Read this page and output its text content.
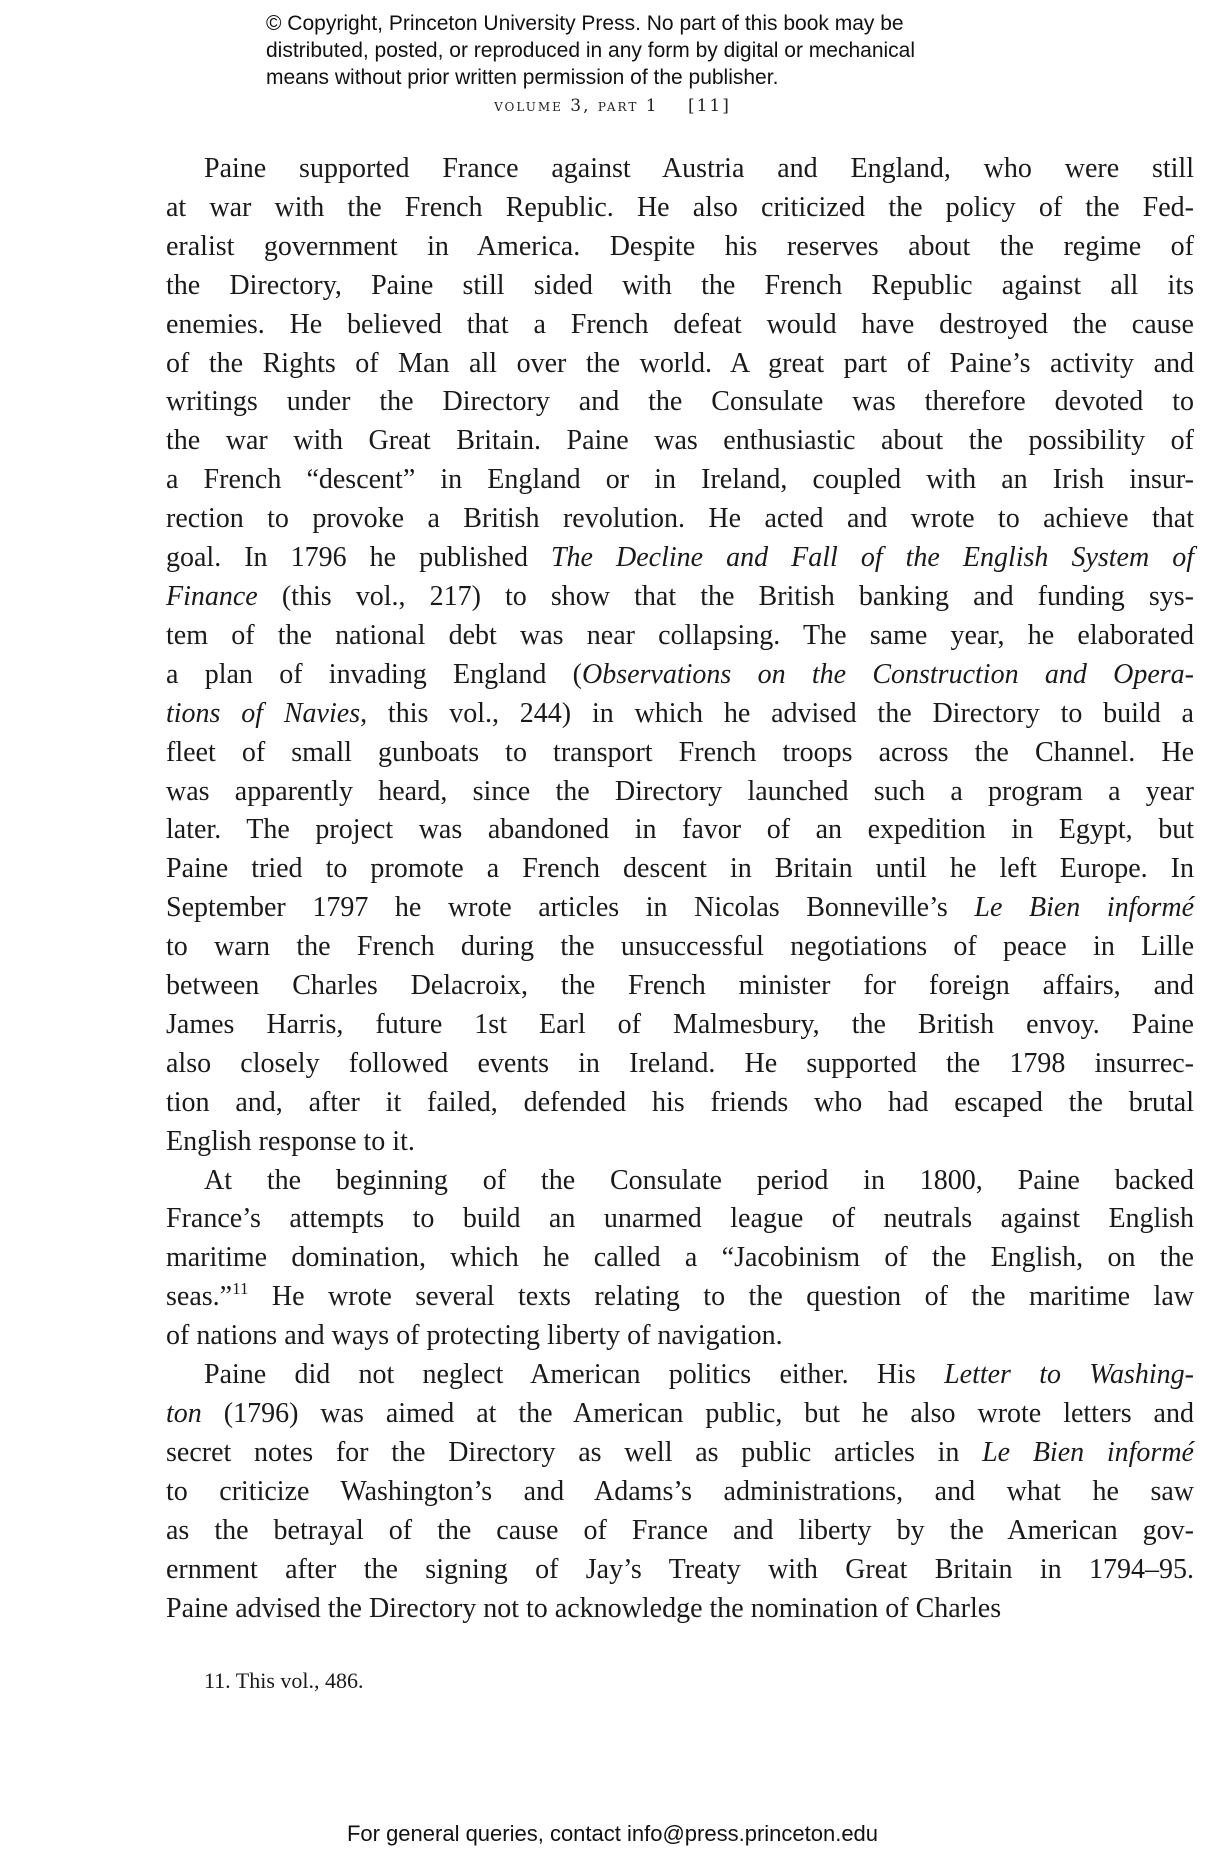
© Copyright, Princeton University Press. No part of this book may be
distributed, posted, or reproduced in any form by digital or mechanical
means without prior written permission of the publisher.
volume 3, part 1 [11]
Paine supported France against Austria and England, who were still
at war with the French Republic. He also criticized the policy of the Fed-
eralist government in America. Despite his reserves about the regime of
the Directory, Paine still sided with the French Republic against all its
enemies. He believed that a French defeat would have destroyed the cause
of the Rights of Man all over the world. A great part of Paine’s activity and
writings under the Directory and the Consulate was therefore devoted to
the war with Great Britain. Paine was enthusiastic about the possibility of
a French “descent” in England or in Ireland, coupled with an Irish insur-
rection to provoke a British revolution. He acted and wrote to achieve that
goal. In 1796 he published The Decline and Fall of the English System of
Finance (this vol., 217) to show that the British banking and funding sys-
tem of the national debt was near collapsing. The same year, he elaborated
a plan of invading England (Observations on the Construction and Opera-
tions of Navies, this vol., 244) in which he advised the Directory to build a
fleet of small gunboats to transport French troops across the Channel. He
was apparently heard, since the Directory launched such a program a year
later. The project was abandoned in favor of an expedition in Egypt, but
Paine tried to promote a French descent in Britain until he left Europe. In
September 1797 he wrote articles in Nicolas Bonneville’s Le Bien informé
to warn the French during the unsuccessful negotiations of peace in Lille
between Charles Delacroix, the French minister for foreign affairs, and
James Harris, future 1st Earl of Malmesbury, the British envoy. Paine
also closely followed events in Ireland. He supported the 1798 insurrec-
tion and, after it failed, defended his friends who had escaped the brutal
English response to it.
At the beginning of the Consulate period in 1800, Paine backed
France’s attempts to build an unarmed league of neutrals against English
maritime domination, which he called a “Jacobinism of the English, on the
seas.”$^{11}$ He wrote several texts relating to the question of the maritime law
of nations and ways of protecting liberty of navigation.
Paine did not neglect American politics either. His Letter to Washing-
ton (1796) was aimed at the American public, but he also wrote letters and
secret notes for the Directory as well as public articles in Le Bien informé
to criticize Washington’s and Adams’s administrations, and what he saw
as the betrayal of the cause of France and liberty by the American gov-
ernment after the signing of Jay’s Treaty with Great Britain in 1794–95.
Paine advised the Directory not to acknowledge the nomination of Charles
11. This vol., 486.
For general queries, contact info@press.princeton.edu
